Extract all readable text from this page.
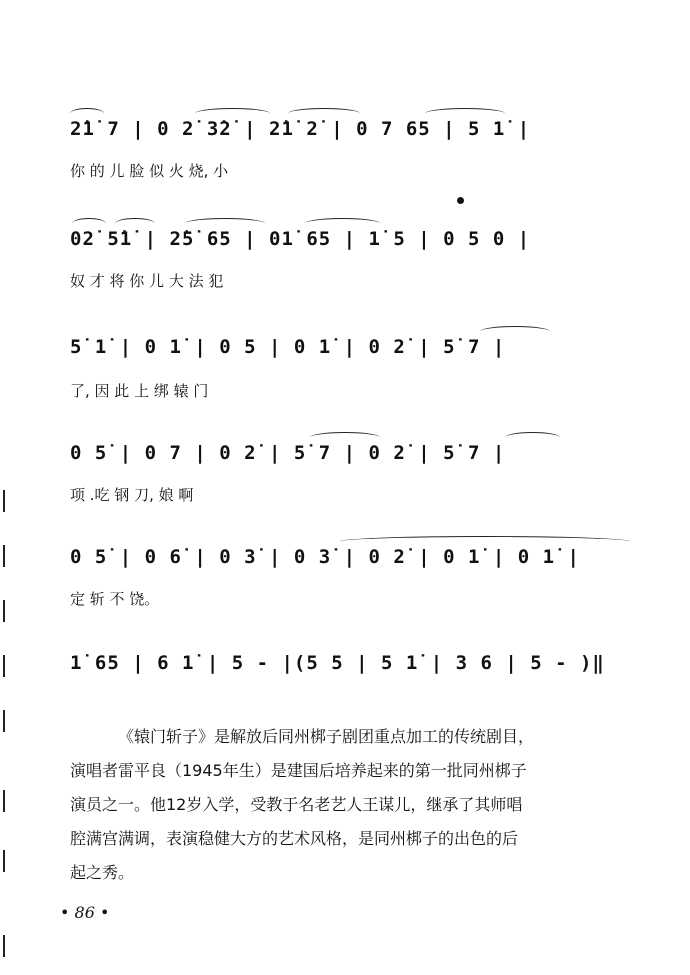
2̇1̇ 7 | 0 2̇ 3̇2̇ | 2̇1̇ 2̇ | 0 7 65 | 5 1̇ |
你 的 儿 脸 似 火 烧, 小
02̇ 5̇1̇ | 2̇5̇ 65 | 01̇ 65 | 1̇ 5 | 0 5 0 |
奴 才 将 你 儿 大 法 犯
5̇ 1̇ | 0 1̇ | 0 5 | 0 1̇ | 0 2̇ | 5̇ 7 |
了, 因 此 上 绑 辕 门
0 5̇ | 0 7 | 0 2̇ | 5̇ 7 | 0 2̇ | 5̇ 7 |
项 .吃 钢 刀, 娘 啊
0 5̇ | 0 6̇ | 0 3̇ | 0 3̇ | 0 2̇ | 0 1̇ | 0 1̇ |
定 斩 不 饶。
1̇ 65 | 6 1̇ | 5 - |(5 5 | 5 1̇ | 3 6 | 5 - )‖
《辕门斩子》是解放后同州梆子剧团重点加工的传统剧目，
演唱者雷平良（1945年生）是建国后培养起来的第一批同州梆子
演员之一。他12岁入学，受教于名老艺人王谋儿，继承了其师唱
腔满宫满调，表演稳健大方的艺术风格，是同州梆子的出色的后
起之秀。
• 86 •
